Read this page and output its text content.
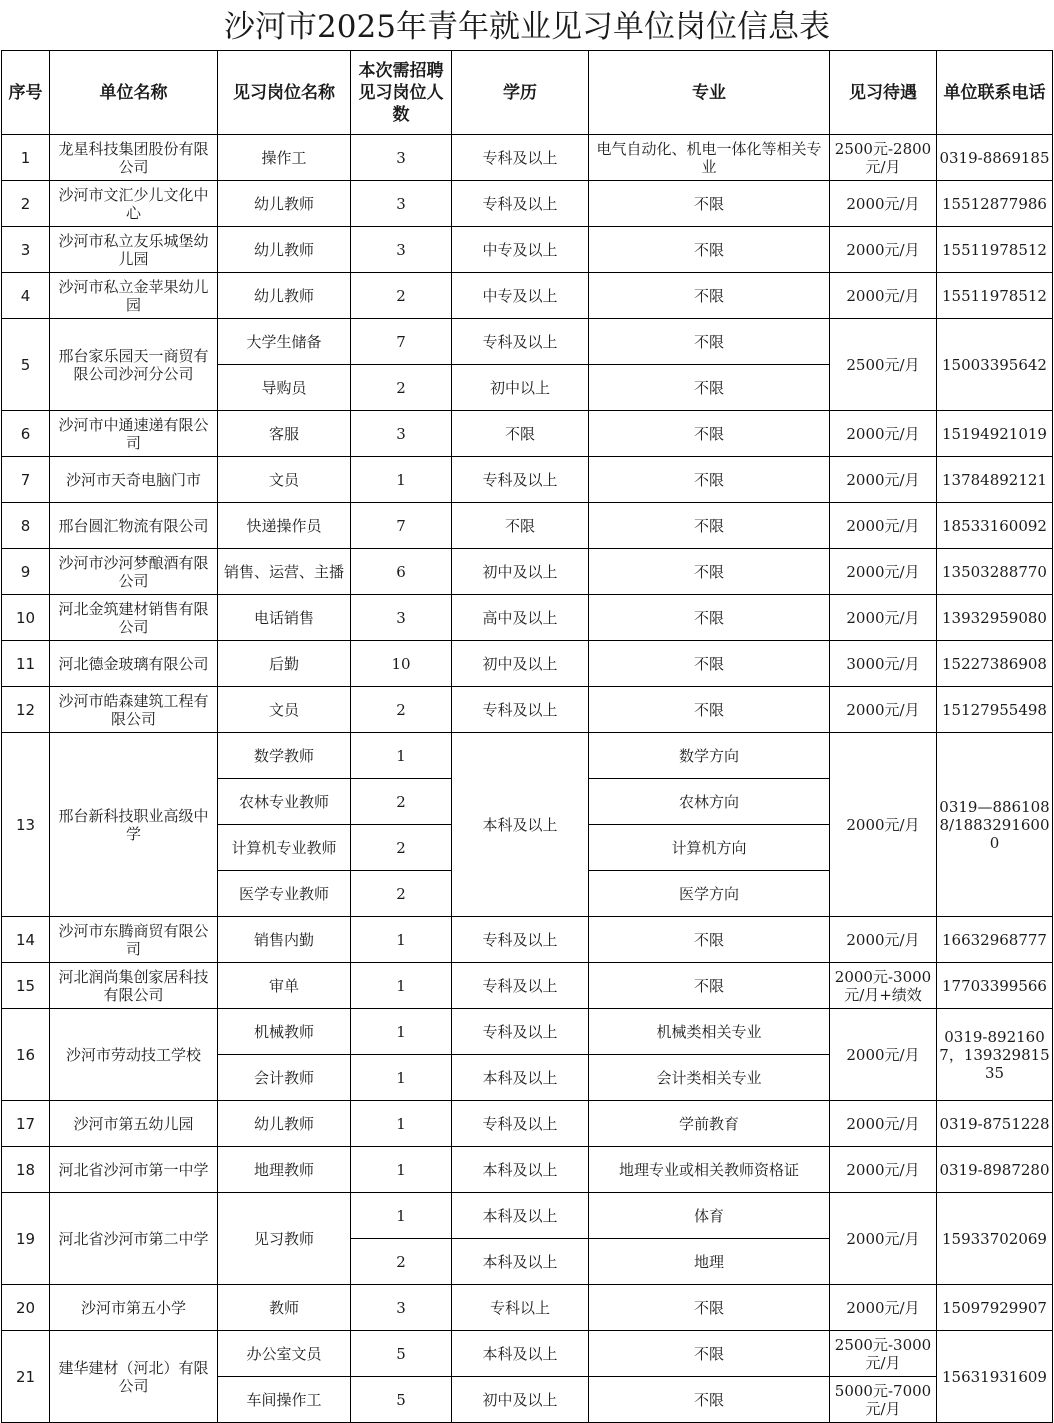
沙河市2025年青年就业见习单位岗位信息表
序号	单位名称	见习岗位名称	本次需招聘见习岗位人数	学历	专业	见习待遇	单位联系电话
1	龙星科技集团股份有限公司	操作工	3	专科及以上	电气自动化、机电一体化等相关专业	2500元-2800元/月	0319-8869185
2	沙河市文汇少儿文化中心	幼儿教师	3	专科及以上	不限	2000元/月	15512877986
3	沙河市私立友乐城堡幼儿园	幼儿教师	3	中专及以上	不限	2000元/月	15511978512
4	沙河市私立金苹果幼儿园	幼儿教师	2	中专及以上	不限	2000元/月	15511978512
5	邢台家乐园天一商贸有限公司沙河分公司	大学生储备	7	专科及以上	不限	2500元/月	15003395642
		导购员	2	初中以上	不限		
6	沙河市中通速递有限公司	客服	3	不限	不限	2000元/月	15194921019
7	沙河市天奇电脑门市	文员	1	专科及以上	不限	2000元/月	13784892121
8	邢台圆汇物流有限公司	快递操作员	7	不限	不限	2000元/月	18533160092
9	沙河市沙河梦酿酒有限公司	销售、运营、主播	6	初中及以上	不限	2000元/月	13503288770
10	河北金筑建材销售有限公司	电话销售	3	高中及以上	不限	2000元/月	13932959080
11	河北德金玻璃有限公司	后勤	10	初中及以上	不限	3000元/月	15227386908
12	沙河市皓森建筑工程有限公司	文员	2	专科及以上	不限	2000元/月	15127955498
13	邢台新科技职业高级中学	数学教师	1	本科及以上	数学方向	2000元/月	0319—8861088/18832916000
		农林专业教师	2		农林方向		
		计算机专业教师	2		计算机方向		
		医学专业教师	2		医学方向		
14	沙河市东腾商贸有限公司	销售内勤	1	专科及以上	不限	2000元/月	16632968777
15	河北润尚集创家居科技有限公司	审单	1	专科及以上	不限	2000元-3000元/月+绩效	17703399566
16	沙河市劳动技工学校	机械教师	1	专科及以上	机械类相关专业	2000元/月	0319-8921607，13932981535
		会计教师	1	本科及以上	会计类相关专业		
17	沙河市第五幼儿园	幼儿教师	1	专科及以上	学前教育	2000元/月	0319-8751228
18	河北省沙河市第一中学	地理教师	1	本科及以上	地理专业或相关教师资格证	2000元/月	0319-8987280
19	河北省沙河市第二中学	见习教师	1	本科及以上	体育	2000元/月	15933702069
			2	本科及以上	地理		
20	沙河市第五小学	教师	3	专科以上	不限	2000元/月	15097929907
21	建华建材（河北）有限公司	办公室文员	5	本科及以上	不限	2500元-3000元/月	15631931609
		车间操作工	5	初中及以上	不限	5000元-7000元/月	
